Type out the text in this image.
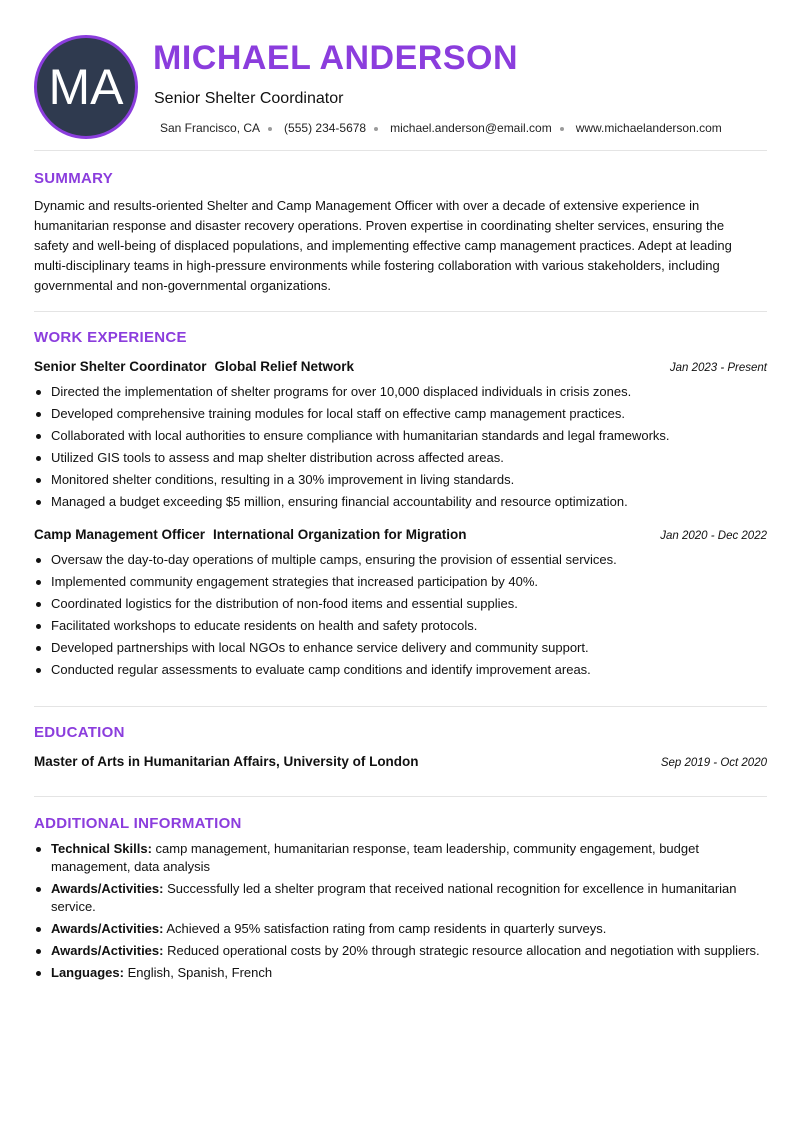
MA
MICHAEL ANDERSON
Senior Shelter Coordinator
San Francisco, CA (555) 234-5678 michael.anderson@email.com www.michaelanderson.com
SUMMARY

Dynamic and results-oriented Shelter and Camp Management Officer with over a decade of extensive experience in humanitarian response and disaster recovery operations. Proven expertise in coordinating shelter services, ensuring the safety and well-being of displaced populations, and implementing effective camp management practices. Adept at leading multi-disciplinary teams in high-pressure environments while fostering collaboration with various stakeholders, including governmental and non-governmental organizations.

WORK EXPERIENCE
Senior Shelter Coordinator Global Relief Network	Jan 2023 - Present
Directed the implementation of shelter programs for over 10,000 displaced individuals in crisis zones.
Developed comprehensive training modules for local staff on effective camp management practices.
Collaborated with local authorities to ensure compliance with humanitarian standards and legal frameworks.
Utilized GIS tools to assess and map shelter distribution across affected areas.
Monitored shelter conditions, resulting in a 30% improvement in living standards.
Managed a budget exceeding $5 million, ensuring financial accountability and resource optimization.
Camp Management Officer International Organization for Migration	Jan 2020 - Dec 2022
Oversaw the day-to-day operations of multiple camps, ensuring the provision of essential services.
Implemented community engagement strategies that increased participation by 40%.
Coordinated logistics for the distribution of non-food items and essential supplies.
Facilitated workshops to educate residents on health and safety protocols.
Developed partnerships with local NGOs to enhance service delivery and community support.
Conducted regular assessments to evaluate camp conditions and identify improvement areas.
EDUCATION
Master of Arts in Humanitarian Affairs, University of London	Sep 2019 - Oct 2020
ADDITIONAL INFORMATION
Technical Skills: camp management, humanitarian response, team leadership, community engagement, budget management, data analysis
Awards/Activities: Successfully led a shelter program that received national recognition for excellence in humanitarian service.
Awards/Activities: Achieved a 95% satisfaction rating from camp residents in quarterly surveys.
Awards/Activities: Reduced operational costs by 20% through strategic resource allocation and negotiation with suppliers.
Languages: English, Spanish, French
